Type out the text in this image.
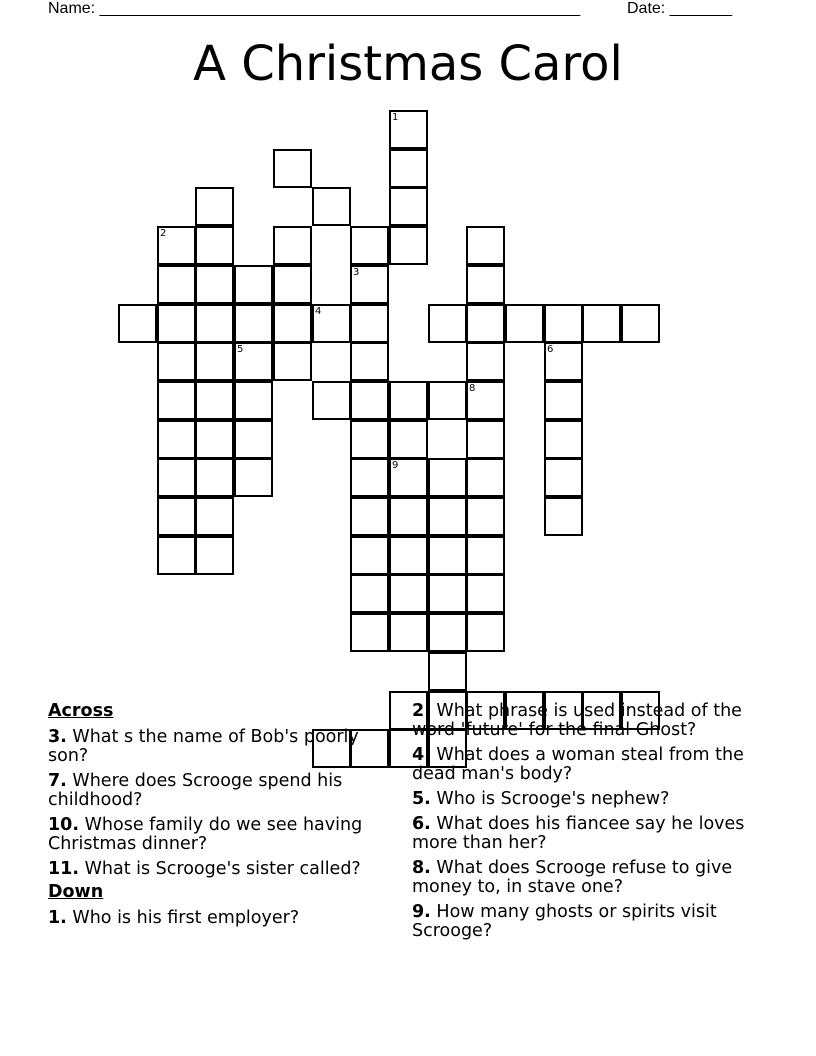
Name: ______________________________________________________	Date: _______
A Christmas Carol
1
5
3
2
4
9
8
6
Across
3. What s the name of Bob's poorly son?
7. Where does Scrooge spend his childhood?
10. Whose family do we see having Christmas dinner?
11. What is Scrooge's sister called?
Down
1. Who is his first employer?
2. What phrase is used instead of the word 'future' for the final Ghost?
4. What does a woman steal from the dead man's body?
5. Who is Scrooge's nephew?
6. What does his fiancee say he loves more than her?
8. What does Scrooge refuse to give money to, in stave one?
9. How many ghosts or spirits visit Scrooge?
